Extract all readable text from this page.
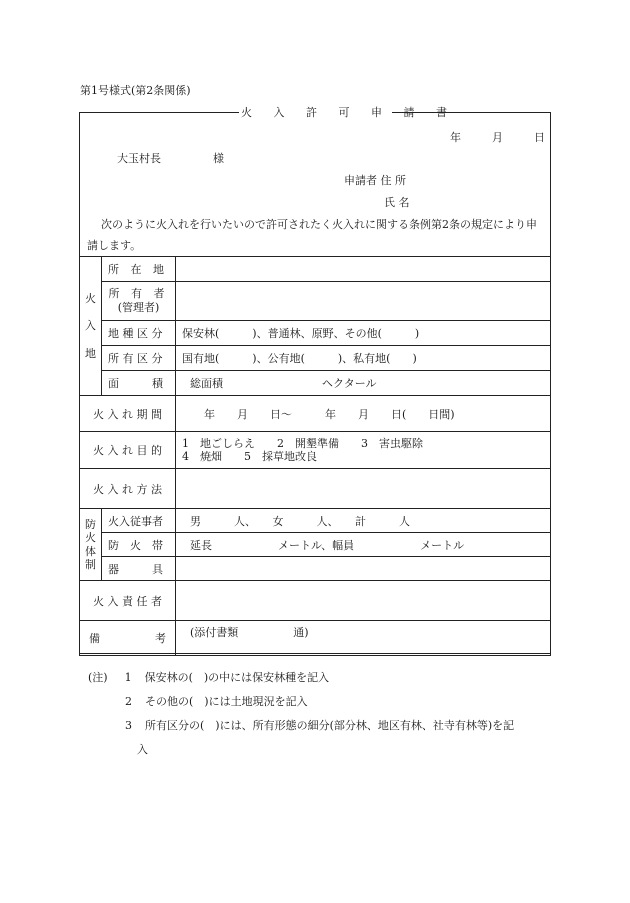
第1号様式(第2条関係)
火 入 許 可 申 請 書
年	月	日
大玉村長	様
申請者 住 所
氏 名
次のように火入れを行いたいので許可されたく火入れに関する条例第2条の規定により申請します。
火
入
地	所 在 地	

	所 有 者
(管理者)	

	地 種 区 分	保安林(　　　)、普通林、原野、その他(　　　)
	所 有 区 分	国有地(　　　)、公有地(　　　)、私有地(　　)
	面　　　積	総面積　　　　　　　　　ヘクタール
火 入 れ 期 間		　　年　　月　　日〜　　　年　　月　　日(　　日間)
火 入 れ 目 的		1　地ごしらえ　　2　開墾準備　　3　害虫駆除
4　焼畑　　5　採草地改良

火 入 れ 方 法		

防
火
体
制	火入従事者	男　　　人、　　女　　　人、　　計　　　人
	防　火　帯	延長　　　　　　メートル、幅員　　　　　　メートル
	器　　　具	
火 入 責 任 者		
備　　　　　考		(添付書類　　　　　通)
(注) 1 保安林の(　)の中には保安林種を記入
2 その他の(　)には土地現況を記入
3 所有区分の(　)には、所有形態の細分(部分林、地区有林、社寺有林等)を記
入
